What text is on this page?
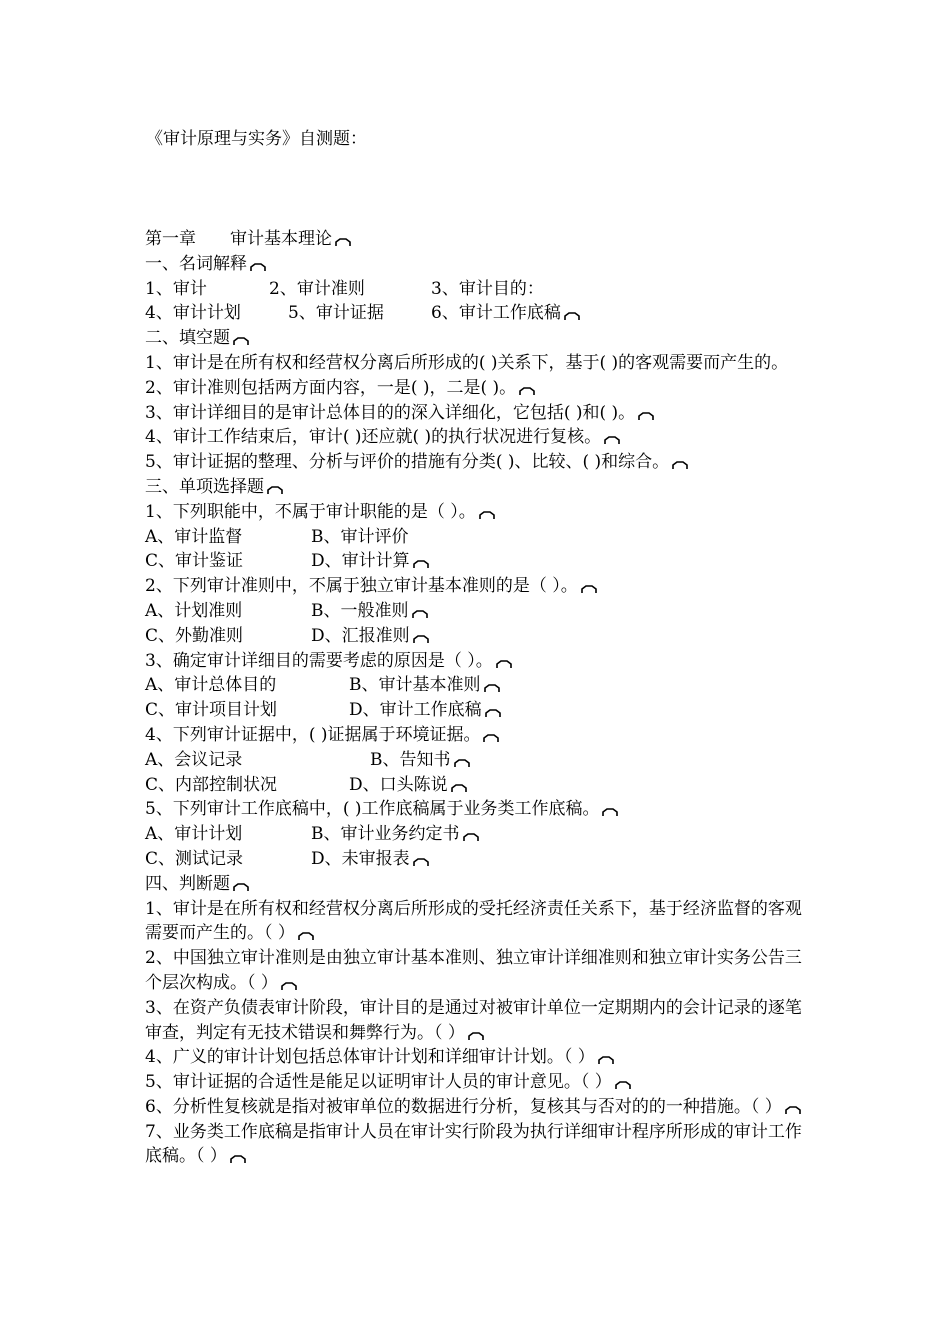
《审计原理与实务》自测题：
第一章 审计基本理论
一、名词解释
1、审计	2、审计准则	3、审计目的：
4、审计计划	5、审计证据	6、审计工作底稿
二、填空题
1、审计是在所有权和经营权分离后所形成的( )关系下，基于( )的客观需要而产生的。
2、审计准则包括两方面内容，一是( )，二是( )。
3、审计详细目的是审计总体目的的深入详细化，它包括( )和( )。
4、审计工作结束后，审计( )还应就( )的执行状况进行复核。
5、审计证据的整理、分析与评价的措施有分类( )、比较、( )和综合。
三、单项选择题
1、下列职能中，不属于审计职能的是（ ）。
A、审计监督	B、审计评价
C、审计鉴证	D、审计计算
2、下列审计准则中，不属于独立审计基本准则的是（ ）。
A、计划准则	B、一般准则
C、外勤准则	D、汇报准则
3、确定审计详细目的需要考虑的原因是（ ）。
A、审计总体目的	B、审计基本准则
C、审计项目计划	D、审计工作底稿
4、下列审计证据中，( )证据属于环境证据。
A、会议记录	B、告知书
C、内部控制状况	D、口头陈说
5、下列审计工作底稿中，( )工作底稿属于业务类工作底稿。
A、审计计划	B、审计业务约定书
C、测试记录	D、未审报表
四、判断题
1、审计是在所有权和经营权分离后所形成的受托经济责任关系下，基于经济监督的客观需要而产生的。（ ）
2、中国独立审计准则是由独立审计基本准则、独立审计详细准则和独立审计实务公告三个层次构成。（ ）
3、在资产负债表审计阶段，审计目的是通过对被审计单位一定期期内的会计记录的逐笔审查，判定有无技术错误和舞弊行为。（ ）
4、广义的审计计划包括总体审计计划和详细审计计划。（ ）
5、审计证据的合适性是能足以证明审计人员的审计意见。（ ）
6、分析性复核就是指对被审单位的数据进行分析，复核其与否对的的一种措施。（ ）
7、业务类工作底稿是指审计人员在审计实行阶段为执行详细审计程序所形成的审计工作底稿。（ ）
